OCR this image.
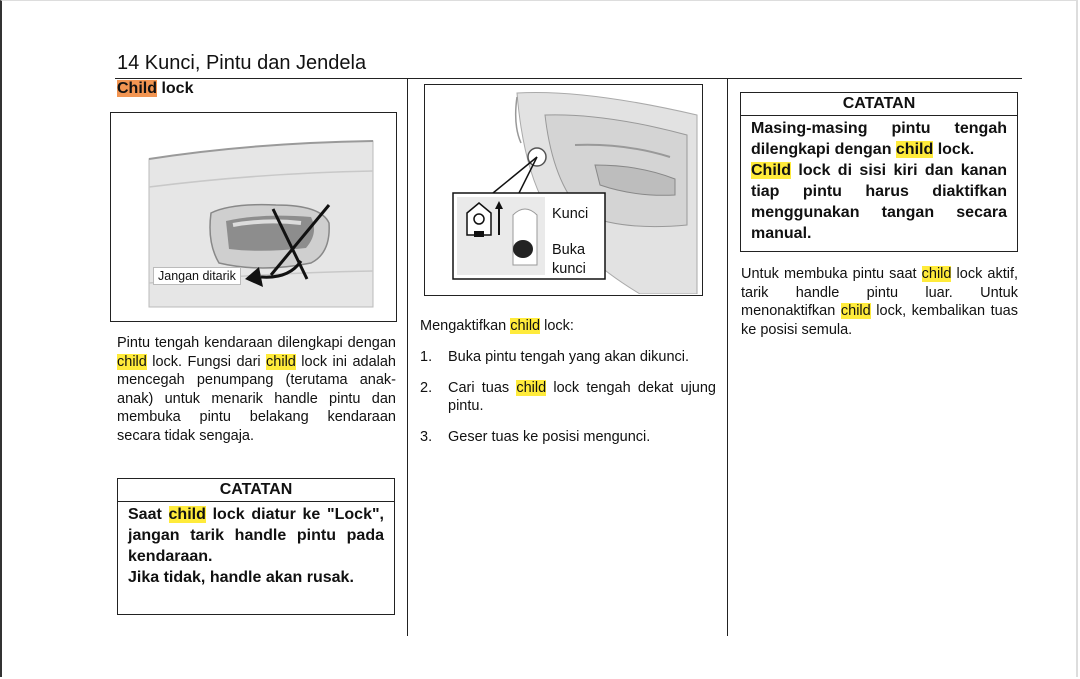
14 Kunci, Pintu dan Jendela
Child lock
Jangan ditarik
Pintu tengah kendaraan dilengkapi dengan child lock. Fungsi dari child lock ini adalah mencegah penumpang (terutama anak-anak) untuk menarik handle pintu dan membuka pintu belakang kendaraan secara tidak sengaja.
CATATAN
Saat child lock diatur ke "Lock", jangan tarik handle pintu pada kendaraan.
Jika tidak, handle akan rusak.
Kunci
Buka
kunci
Mengaktifkan child lock:
1.	Buka pintu tengah yang akan dikunci.
2.	Cari tuas child lock tengah dekat ujung pintu.
3.	Geser tuas ke posisi mengunci.
CATATAN
Masing-masing pintu tengah dilengkapi dengan child lock.
Child lock di sisi kiri dan kanan tiap pintu harus diaktifkan menggunakan tangan secara manual.
Untuk membuka pintu saat child lock aktif, tarik handle pintu luar. Untuk menonaktifkan child lock, kembalikan tuas ke posisi semula.
